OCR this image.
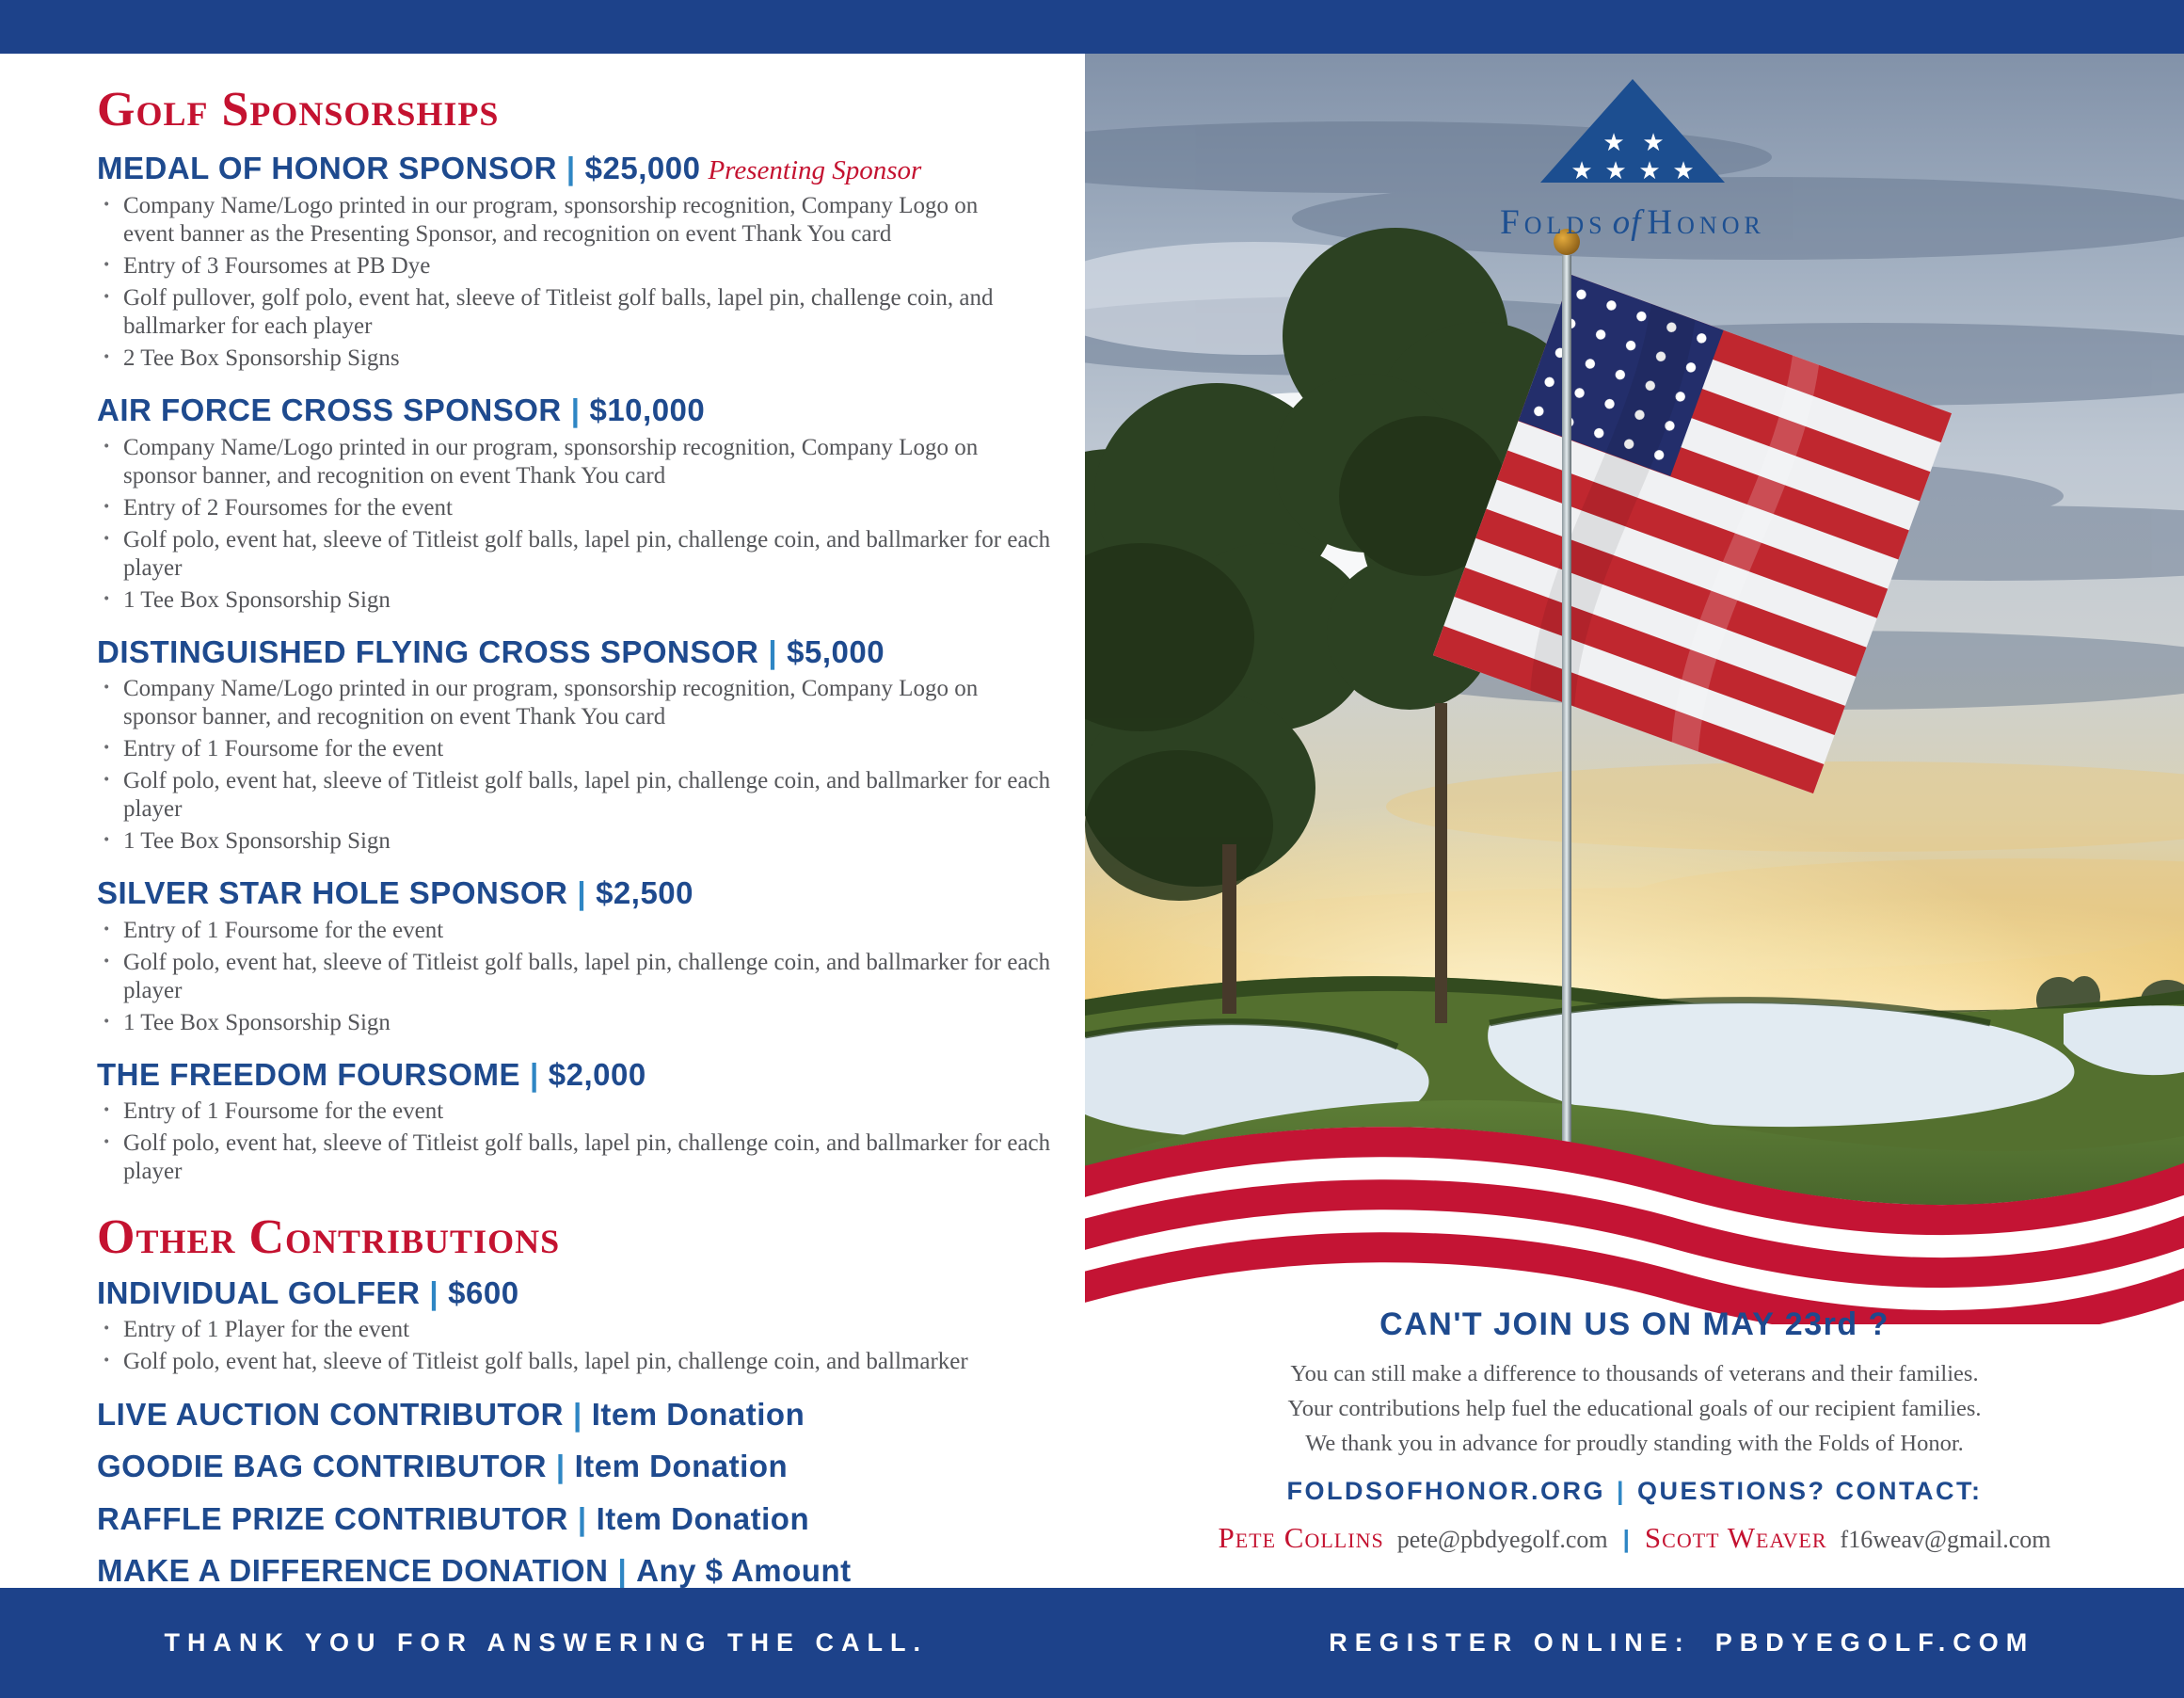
Golf Sponsorships
MEDAL OF HONOR SPONSOR | $25,000 Presenting Sponsor
· Company Name/Logo printed in our program, sponsorship recognition, Company Logo on event banner as the Presenting Sponsor, and recognition on event Thank You card
· Entry of 3 Foursomes at PB Dye
· Golf pullover, golf polo, event hat, sleeve of Titleist golf balls, lapel pin, challenge coin, and ballmarker for each player
· 2 Tee Box Sponsorship Signs
AIR FORCE CROSS SPONSOR | $10,000
· Company Name/Logo printed in our program, sponsorship recognition, Company Logo on sponsor banner, and recognition on event Thank You card
· Entry of 2 Foursomes for the event
· Golf polo, event hat, sleeve of Titleist golf balls, lapel pin, challenge coin, and ballmarker for each player
· 1 Tee Box Sponsorship Sign
DISTINGUISHED FLYING CROSS SPONSOR | $5,000
· Company Name/Logo printed in our program, sponsorship recognition, Company Logo on sponsor banner, and recognition on event Thank You card
· Entry of 1 Foursome for the event
· Golf polo, event hat, sleeve of Titleist golf balls, lapel pin, challenge coin, and ballmarker for each player
· 1 Tee Box Sponsorship Sign
SILVER STAR HOLE SPONSOR | $2,500
· Entry of 1 Foursome for the event
· Golf polo, event hat, sleeve of Titleist golf balls, lapel pin, challenge coin, and ballmarker for each player
· 1 Tee Box Sponsorship Sign
THE FREEDOM FOURSOME | $2,000
· Entry of 1 Foursome for the event
· Golf polo, event hat, sleeve of Titleist golf balls, lapel pin, challenge coin, and ballmarker for each player
Other Contributions
INDIVIDUAL GOLFER | $600
· Entry of 1 Player for the event
· Golf polo, event hat, sleeve of Titleist golf balls, lapel pin, challenge coin, and ballmarker
LIVE AUCTION CONTRIBUTOR | Item Donation
GOODIE BAG CONTRIBUTOR | Item Donation
RAFFLE PRIZE CONTRIBUTOR | Item Donation
MAKE A DIFFERENCE DONATION | Any $ Amount
★ ★
★ ★ ★ ★
Folds of Honor
CAN'T JOIN US ON MAY 23rd ?
You can still make a difference to thousands of veterans and their families.
Your contributions help fuel the educational goals of our recipient families.
We thank you in advance for proudly standing with the Folds of Honor.
FOLDSOFHONOR.ORG | QUESTIONS? CONTACT:
Pete Collins pete@pbdyegolf.com | Scott Weaver f16weav@gmail.com
THANK YOU FOR ANSWERING THE CALL.	REGISTER ONLINE: PBDYEGOLF.COM
